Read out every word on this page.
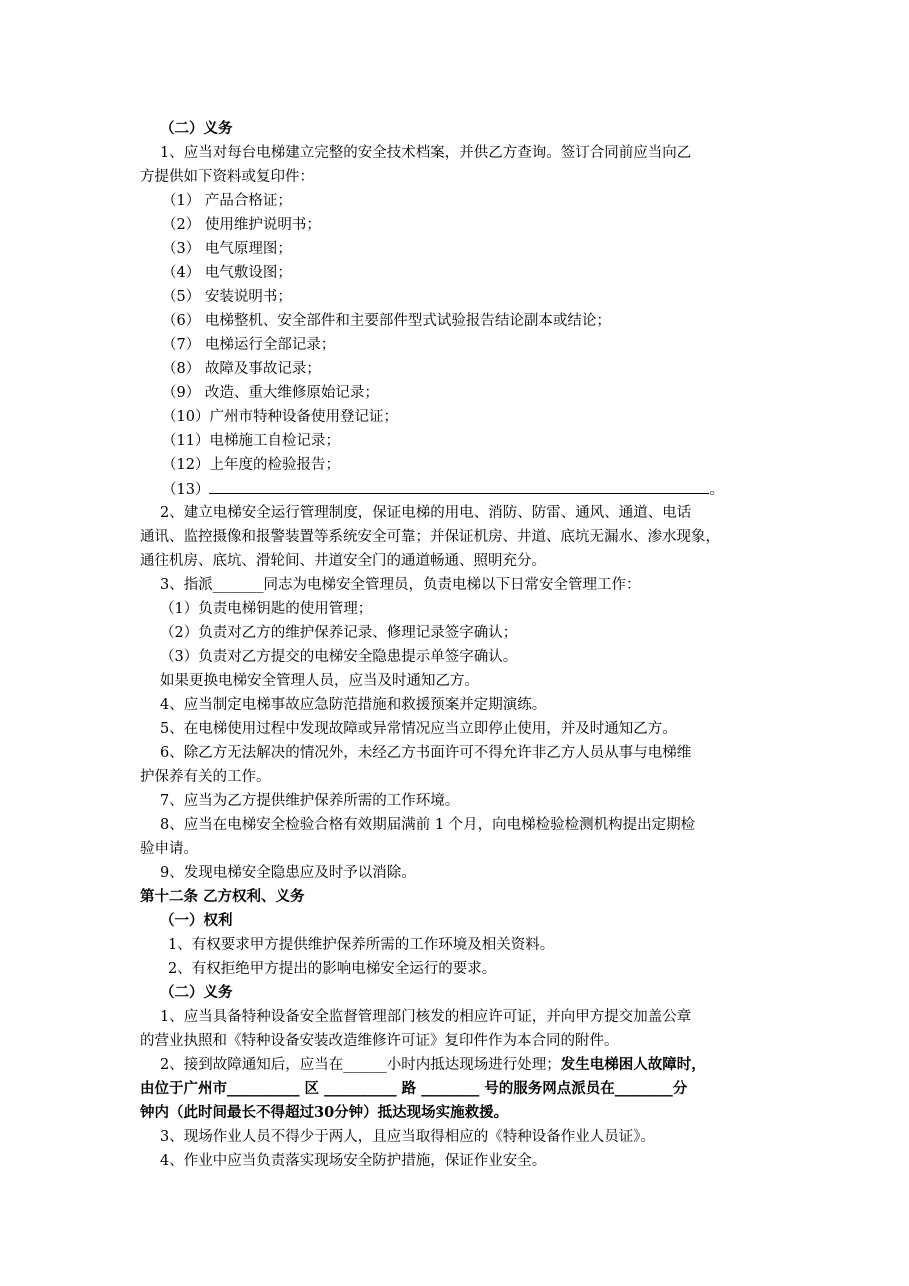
（二）义务
1、应当对每台电梯建立完整的安全技术档案，并供乙方查询。签订合同前应当向乙
方提供如下资料或复印件：
（1） 产品合格证；
（2） 使用维护说明书；
（3） 电气原理图；
（4） 电气敷设图；
（5） 安装说明书；
（6） 电梯整机、安全部件和主要部件型式试验报告结论副本或结论；
（7） 电梯运行全部记录；
（8） 故障及事故记录；
（9） 改造、重大维修原始记录；
（10）广州市特种设备使用登记证；
（11）电梯施工自检记录；
（12）上年度的检验报告；
（13）	。
2、建立电梯安全运行管理制度，保证电梯的用电、消防、防雷、通风、通道、电话
通讯、监控摄像和报警装置等系统安全可靠；并保证机房、井道、底坑无漏水、渗水现象，
通往机房、底坑、滑轮间、井道安全门的通道畅通、照明充分。
3、指派_______同志为电梯安全管理员，负责电梯以下日常安全管理工作：
（1）负责电梯钥匙的使用管理；
（2）负责对乙方的维护保养记录、修理记录签字确认；
（3）负责对乙方提交的电梯安全隐患提示单签字确认。
如果更换电梯安全管理人员，应当及时通知乙方。
4、应当制定电梯事故应急防范措施和救援预案并定期演练。
5、在电梯使用过程中发现故障或异常情况应当立即停止使用，并及时通知乙方。
6、除乙方无法解决的情况外，未经乙方书面许可不得允许非乙方人员从事与电梯维
护保养有关的工作。
7、应当为乙方提供维护保养所需的工作环境。
8、应当在电梯安全检验合格有效期届满前 1 个月，向电梯检验检测机构提出定期检
验申请。
9、发现电梯安全隐患应及时予以消除。
第十二条 乙方权利、义务
（一）权利
1、有权要求甲方提供维护保养所需的工作环境及相关资料。
2、有权拒绝甲方提出的影响电梯安全运行的要求。
（二）义务
1、应当具备特种设备安全监督管理部门核发的相应许可证，并向甲方提交加盖公章
的营业执照和《特种设备安装改造维修许可证》复印件作为本合同的附件。
2、接到故障通知后，应当在______小时内抵达现场进行处理；发生电梯困人故障时，
由位于广州市__________ 区 __________ 路 ________ 号的服务网点派员在________分
钟内（此时间最长不得超过30分钟）抵达现场实施救援。
3、现场作业人员不得少于两人，且应当取得相应的《特种设备作业人员证》。
4、作业中应当负责落实现场安全防护措施，保证作业安全。
